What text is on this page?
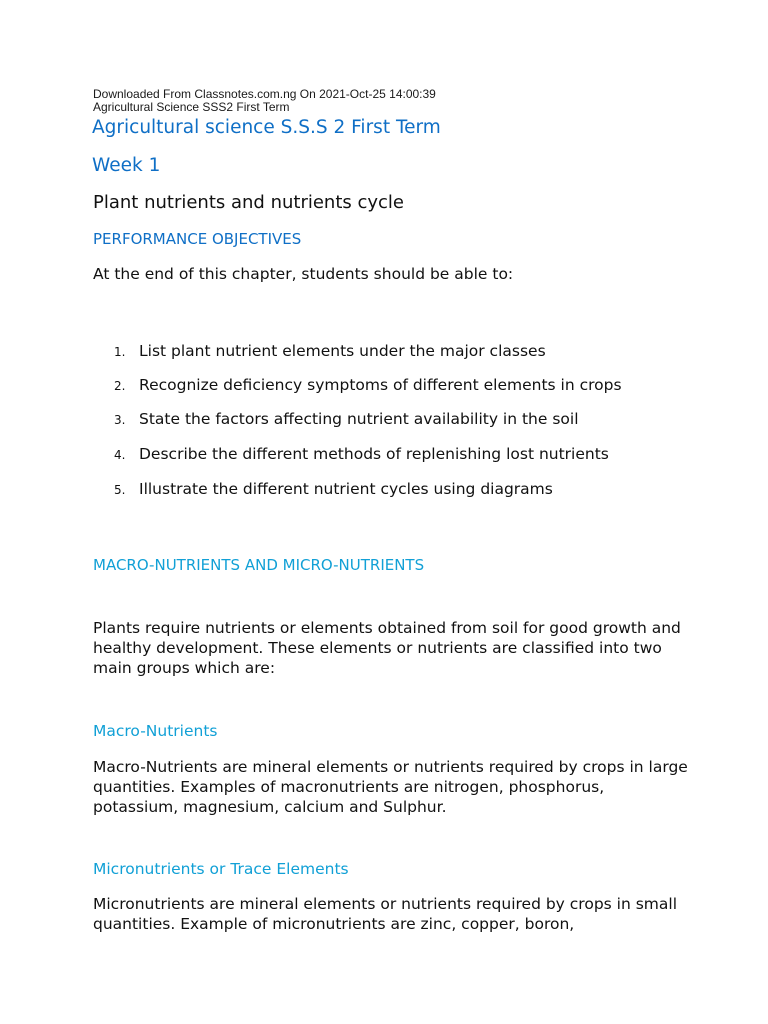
Downloaded From Classnotes.com.ng On 2021-Oct-25 14:00:39

Agricultural Science SSS2 First Term

Agricultural science S.S.S 2 First Term
Week 1

Plant nutrients and nutrients cycle

PERFORMANCE OBJECTIVES

At the end of this chapter, students should be able to:

1. List plant nutrient elements under the major classes
2. Recognize deficiency symptoms of different elements in crops
3. State the factors affecting nutrient availability in the soil
4. Describe the different methods of replenishing lost nutrients
5. Illustrate the different nutrient cycles using diagrams

MACRO-NUTRIENTS AND MICRO-NUTRIENTS

Plants require nutrients or elements obtained from soil for good growth and healthy development. These elements or nutrients are classified into two main groups which are:

Macro-Nutrients

Macro-Nutrients are mineral elements or nutrients required by crops in large quantities. Examples of macronutrients are nitrogen, phosphorus, potassium, magnesium, calcium and Sulphur.

Micronutrients or Trace Elements

Micronutrients are mineral elements or nutrients required by crops in small quantities. Example of micronutrients are zinc, copper, boron,
